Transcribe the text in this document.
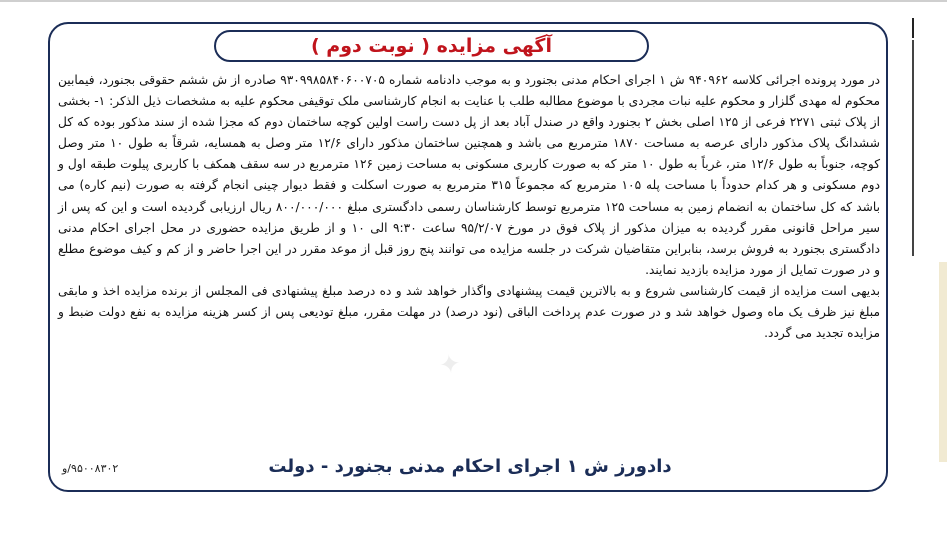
آگهی مزایده ( نوبت دوم )

در مورد پرونده اجرائی کلاسه ۹۴۰۹۶۲ ش ۱ اجرای احکام مدنی بجنورد و به موجب دادنامه شماره ۹۳۰۹۹۸۵۸۴۰۶۰۰۷۰۵ صادره از ش ششم حقوقی بجنورد، فیمابین محکوم له مهدی گلزار و محکوم علیه نبات مجردی با موضوع مطالبه طلب با عنایت به انجام کارشناسی ملک توقیفی محکوم علیه به مشخصات ذیل الذکر: ۱- بخشی از پلاک ثبتی ۲۲۷۱ فرعی از ۱۲۵ اصلی بخش ۲ بجنورد واقع در صندل آباد بعد از پل دست راست اولین کوچه ساختمان دوم که مجزا شده از سند مذکور بوده که کل ششدانگ پلاک مذکور دارای عرصه به مساحت ۱۸۷۰ مترمربع می باشد و همچنین ساختمان مذکور دارای ۱۲/۶ متر وصل به همسایه، شرقاً به طول ۱۰ متر وصل کوچه، جنوباً به طول ۱۲/۶ متر، غرباً به طول ۱۰ متر که به صورت کاربری مسکونی به مساحت زمین ۱۲۶ مترمربع در سه سقف همکف با کاربری پیلوت طبقه اول و دوم مسکونی و هر کدام حدوداً با مساحت پله ۱۰۵ مترمربع که مجموعاً ۳۱۵ مترمربع به صورت اسکلت و فقط دیوار چینی انجام گرفته به صورت (نیم کاره) می باشد که کل ساختمان به انضمام زمین به مساحت ۱۲۵ مترمربع توسط کارشناسان رسمی دادگستری مبلغ ۸۰۰/۰۰۰/۰۰۰ ریال ارزیابی گردیده است و این که پس از سیر مراحل قانونی مقرر گردیده به میزان مذکور از پلاک فوق در مورخ ۹۵/۲/۰۷ ساعت ۹:۳۰ الی ۱۰ و از طریق مزایده حضوری در محل اجرای احکام مدنی دادگستری بجنورد به فروش برسد، بنابراین متقاضیان شرکت در جلسه مزایده می توانند پنج روز قبل از موعد مقرر در این اجرا حاضر و از کم و کیف موضوع مطلع و در صورت تمایل از مورد مزایده بازدید نمایند.

بدیهی است مزایده از قیمت کارشناسی شروع و به بالاترین قیمت پیشنهادی واگذار خواهد شد و ده درصد مبلغ پیشنهادی فی المجلس از برنده مزایده اخذ و مابقی مبلغ نیز ظرف یک ماه وصول خواهد شد و در صورت عدم پرداخت الباقی (نود درصد) در مهلت مقرر، مبلغ تودیعی پس از کسر هزینه مزایده به نفع دولت ضبط و مزایده تجدید می گردد.

دادورز ش ۱ اجرای احکام مدنی بجنورد - دولت
۹۵۰۰۸۳۰۲/و
